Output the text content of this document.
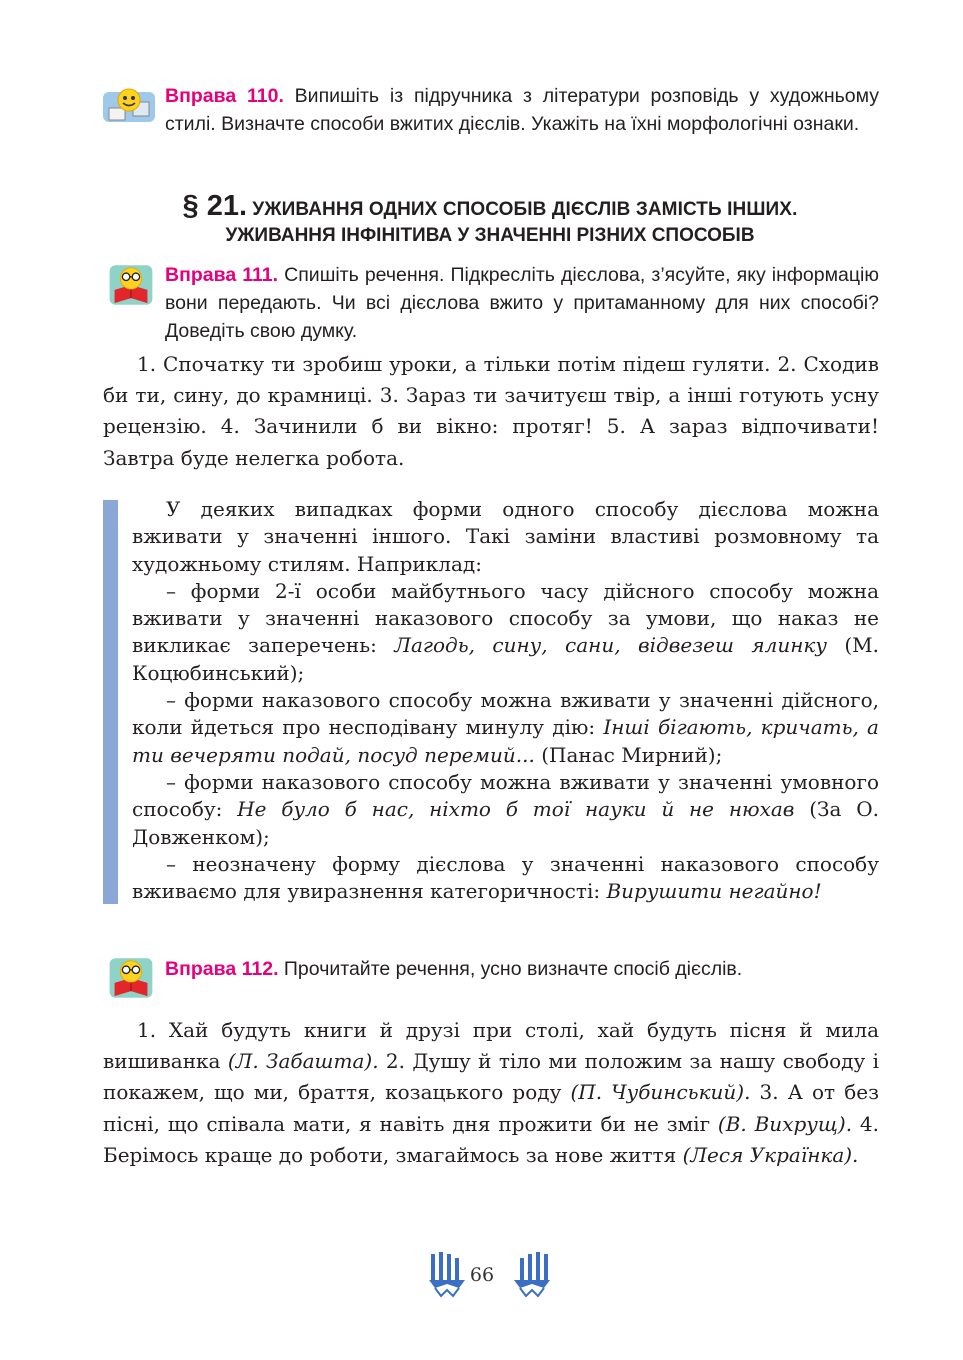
Вправа 110. Випишіть із підручника з літератури розповідь у художньому стилі. Визначте способи вжитих дієслів. Укажіть на їхні морфологічні ознаки.
§ 21. УЖИВАННЯ ОДНИХ СПОСОБІВ ДІЄСЛІВ ЗАМІСТЬ ІНШИХ.
УЖИВАННЯ ІНФІНІТИВА У ЗНАЧЕННІ РІЗНИХ СПОСОБІВ
Вправа 111. Спишіть речення. Підкресліть дієслова, з’ясуйте, яку інформацію вони передають. Чи всі дієслова вжито у притаманному для них способі? Доведіть свою думку.

1. Спочатку ти зробиш уроки, а тільки потім підеш гуляти. 2. Сходив би ти, сину, до крамниці. 3. Зараз ти зачитуєш твір, а інші готують усну рецензію. 4. Зачинили б ви вікно: протяг! 5. А зараз відпочивати! Завтра буде нелегка робота.

У деяких випадках форми одного способу дієслова можна вживати у значенні іншого. Такі заміни властиві розмовному та художньому стилям. Наприклад:

– форми 2-ї особи майбутнього часу дійсного способу можна вживати у значенні наказового способу за умови, що наказ не викликає заперечень: Лагодь, сину, сани, відвезеш ялинку (М. Коцюбинський);

– форми наказового способу можна вживати у значенні дійсного, коли йдеться про несподівану минулу дію: Інші бігають, кричать, а ти вечеряти подай, посуд перемий... (Панас Мирний);

– форми наказового способу можна вживати у значенні умовного способу: Не було б нас, ніхто б тої науки й не нюхав (За О. Довженком);

– неозначену форму дієслова у значенні наказового способу вживаємо для увиразнення категоричності: Вирушити негайно!

Вправа 112. Прочитайте речення, усно визначте спосіб дієслів.

1. Хай будуть книги й друзі при столі, хай будуть пісня й мила вишиванка (Л. Забашта). 2. Душу й тіло ми положим за нашу свободу і покажем, що ми, браття, козацького роду (П. Чубинський). 3. А от без пісні, що співала мати, я навіть дня прожити би не зміг (В. Вихрущ). 4. Берімось краще до роботи, змагаймось за нове життя (Леся Українка).

66
